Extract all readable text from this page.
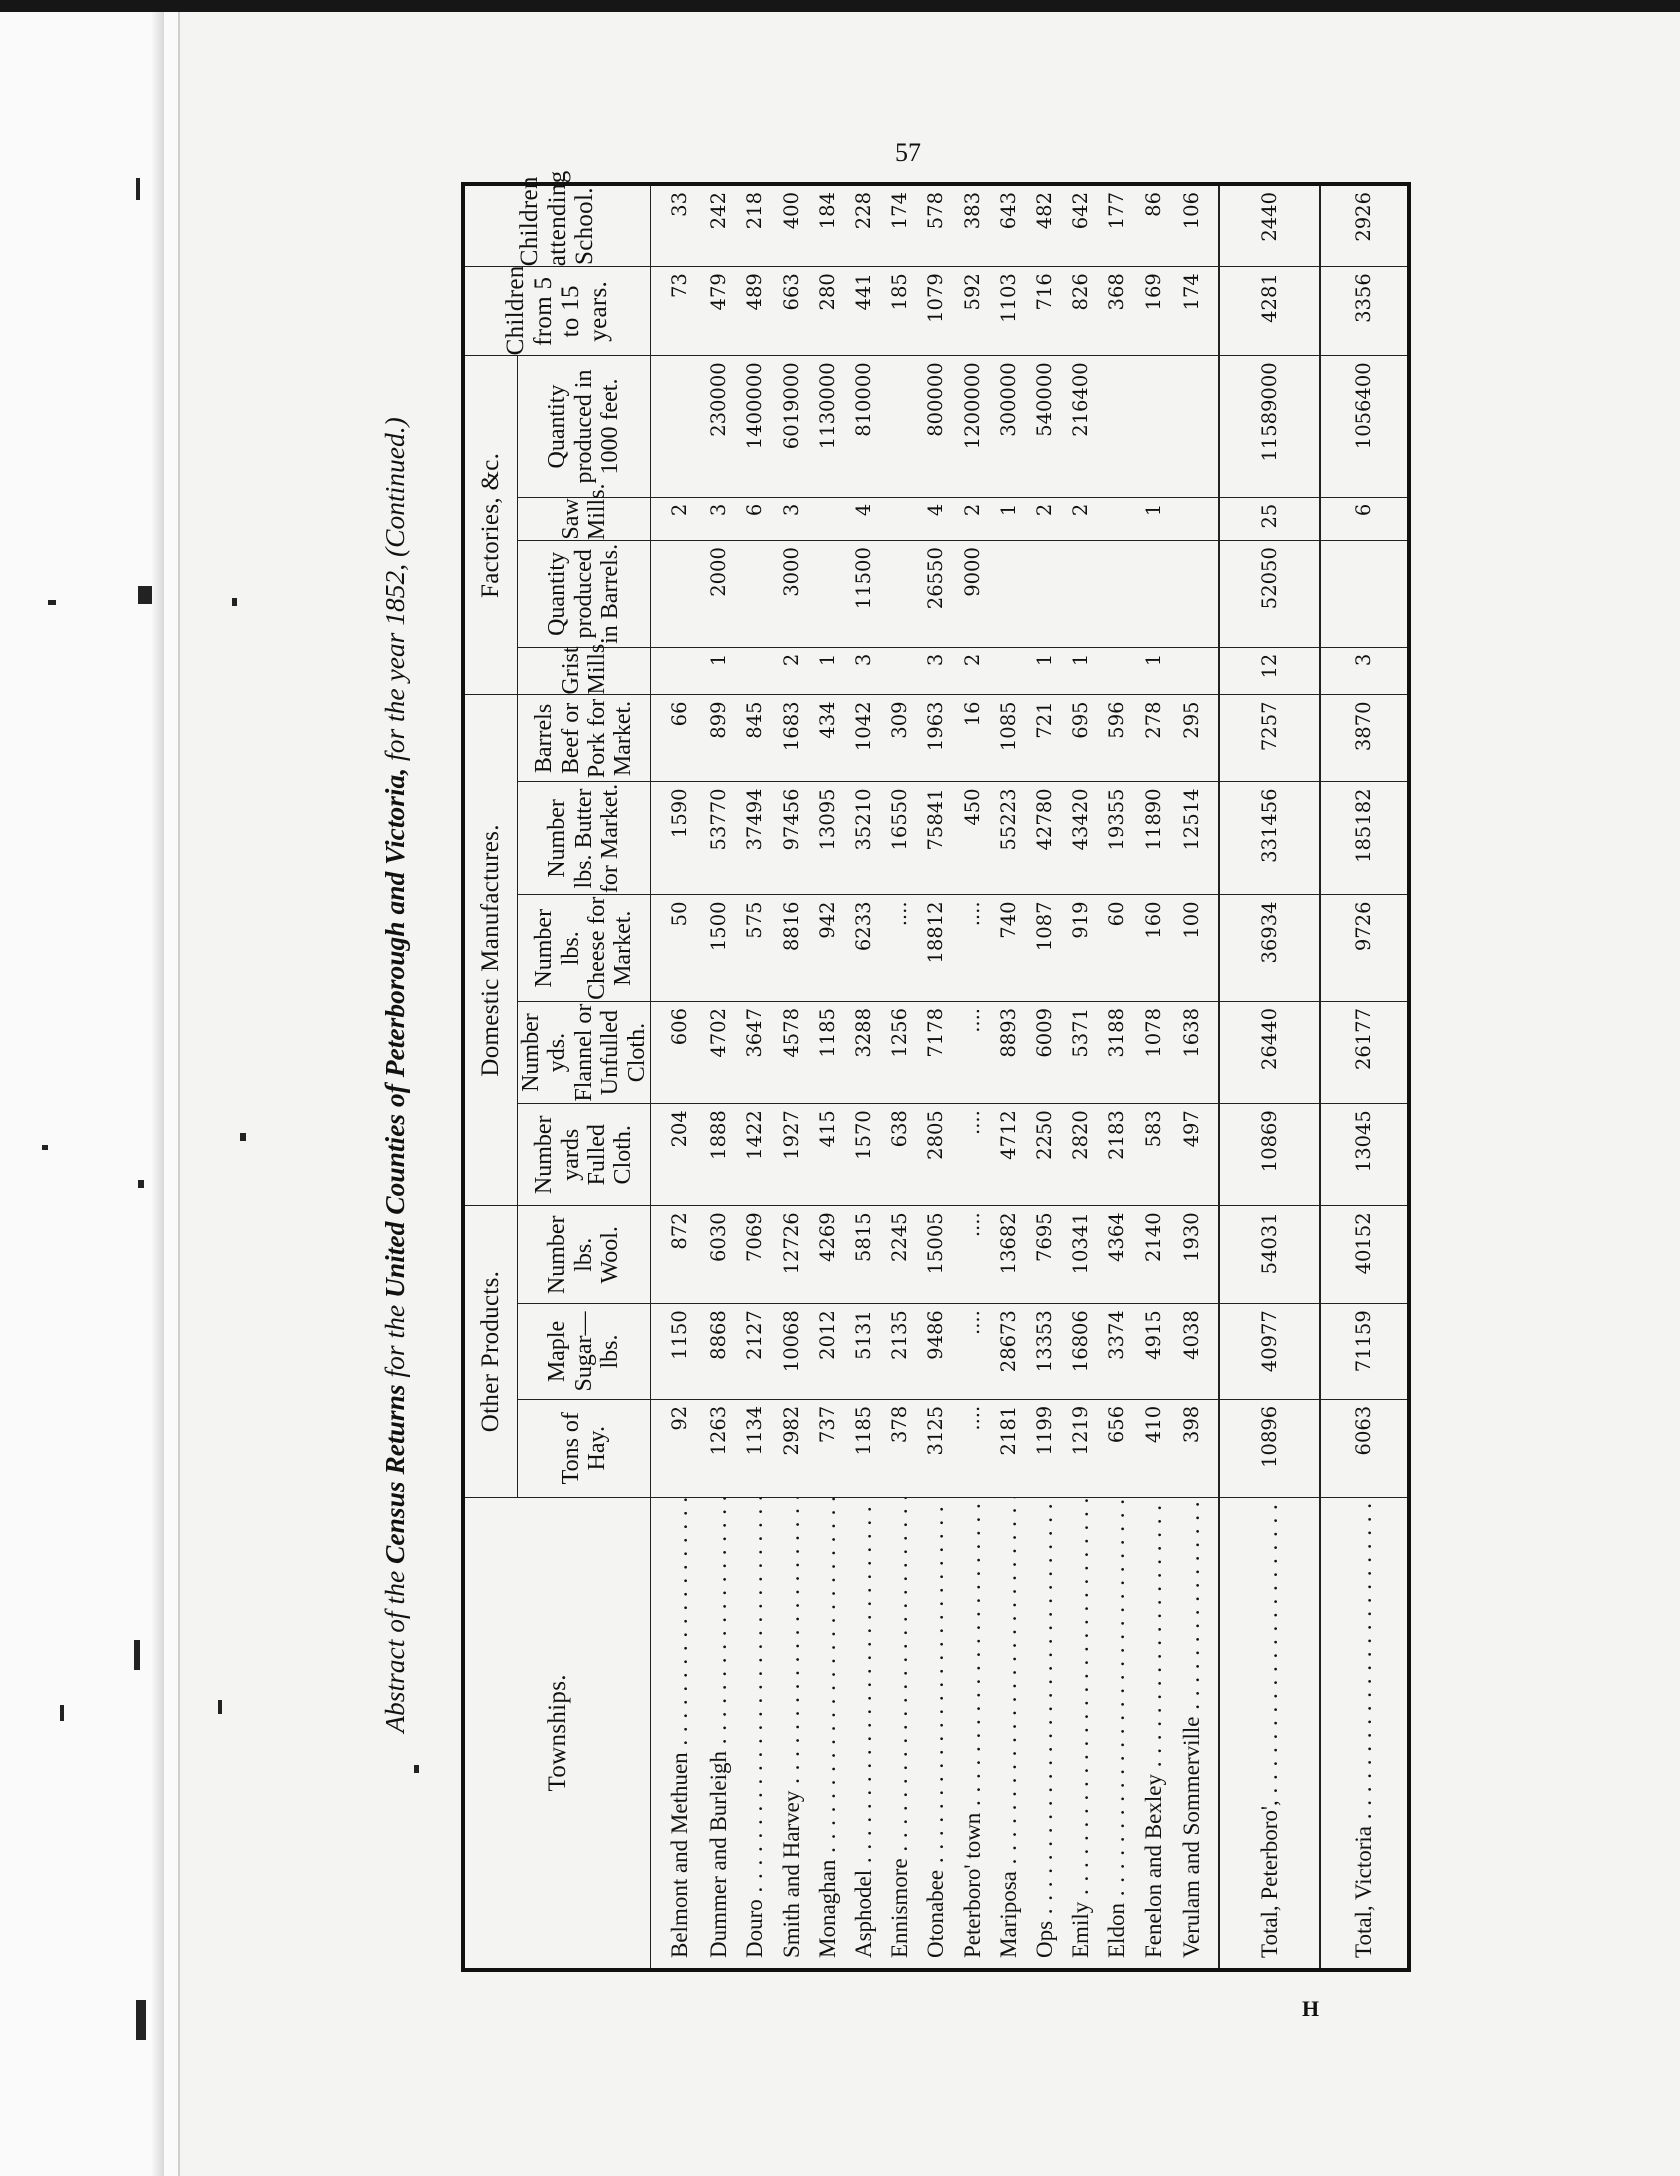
57
H
Abstract of the Census Returns for the United Counties of Peterborough and Victoria, for the year 1852, (Continued.)
Townships.	Other Products.			Domestic Manufactures.					Factories, &c.				Children from 5 to 15 years.	Children attending School.
	Tons of Hay.	Maple Sugar—lbs.	Number lbs. Wool.	Number yards Fulled Cloth.	Number yds. Flannel or Unfulled Cloth.	Number lbs. Cheese for Market.	Number lbs. Butter for Market.	Barrels Beef or Pork for Market.	Grist Mills.	Quantity produced in Barrels.	Saw Mills.	Quantity produced in 1000 feet.		
Belmont and Methuen . . .	92	1150	872	204	606	50	1590	66			2		73	33
Dummer and Burleigh . . .	1263	8868	6030	1888	4702	1500	53770	899	1	2000	3	230000	479	242
Douro . . .	1134	2127	7069	1422	3647	575	37494	845			6	1400000	489	218
Smith and Harvey . . .	2982	10068	12726	1927	4578	8816	97456	1683	2	3000	3	6019000	663	400
Monaghan . . .	737	2012	4269	415	1185	942	13095	434	1			1130000	280	184
Asphodel . . .	1185	5131	5815	1570	3288	6233	35210	1042	3	11500	4	810000	441	228
Ennismore . . .	378	2135	2245	638	1256	....	16550	309					185	174
Otonabee . . .	3125	9486	15005	2805	7178	18812	75841	1963	3	26550	4	800000	1079	578
Peterboro' town . . .	....	....	....	....	....	....	450	16	2	9000	2	1200000	592	383
Mariposa . . .	2181	28673	13682	4712	8893	740	55223	1085			1	300000	1103	643
Ops . . .	1199	13353	7695	2250	6009	1087	42780	721	1		2	540000	716	482
Emily . . .	1219	16806	10341	2820	5371	919	43420	695	1		2	216400	826	642
Eldon . . .	656	3374	4364	2183	3188	60	19355	596					368	177
Fenelon and Bexley . . .	410	4915	2140	583	1078	160	11890	278	1		1		169	86
Verulam and Sommerville . . .	398	4038	1930	497	1638	100	12514	295					174	106
Total, Peterboro', . . .	10896	40977	54031	10869	26440	36934	331456	7257	12	52050	25	11589000	4281	2440
Total, Victoria . . .	6063	71159	40152	13045	26177	9726	185182	3870	3		6	1056400	3356	2926
